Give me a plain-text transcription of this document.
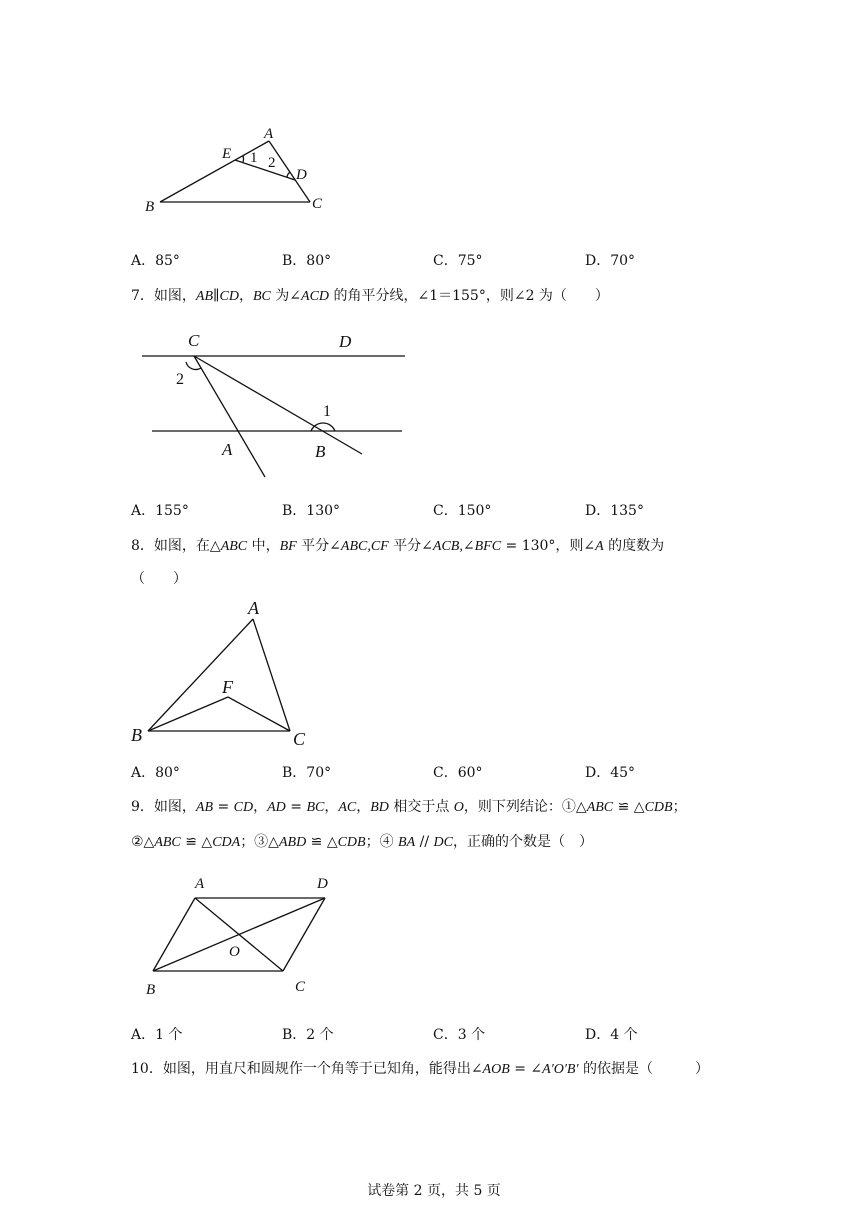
A
E 1 2
D
B	C
A．85°	B．80°	C．75°	D．70°
7．如图，AB∥CD，BC 为∠ACD 的角平分线，∠1＝155°，则∠2 为（　　）
C	D
2
1
A	B
A．155°	B．130°	C．150°	D．135°
8．如图，在△ABC 中，BF 平分∠ABC,CF 平分∠ACB,∠BFC = 130°，则∠A 的度数为
（　　）
A
F
B	C
A．80°	B．70°	C．60°	D．45°
9．如图，AB = CD，AD = BC，AC，BD 相交于点 O，则下列结论：①△ABC ≌ △CDB；
②△ABC ≌ △CDA；③△ABD ≌ △CDB；④ BA // DC，正确的个数是（　）
A	D
O
B	C
A．1 个	B．2 个	C．3 个	D．4 个
10．如图，用直尺和圆规作一个角等于已知角，能得出∠AOB = ∠A′O′B′ 的依据是（　　　）
试卷第 2 页，共 5 页
